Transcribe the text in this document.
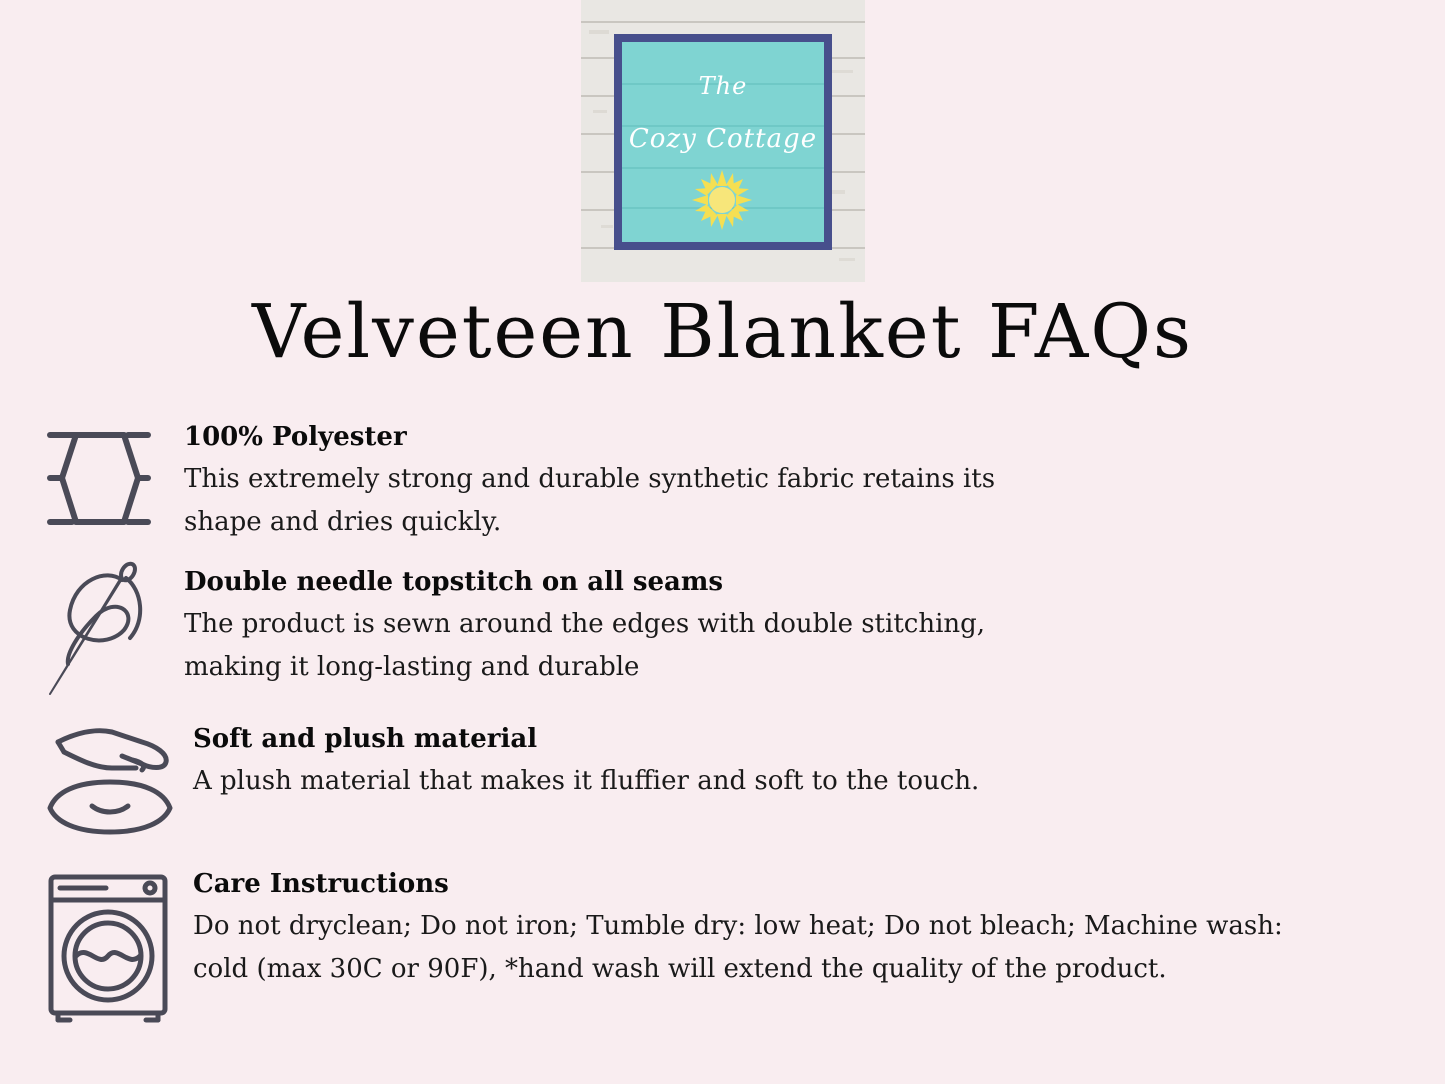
The
Cozy Cottage
Velveteen Blanket FAQs

100% Polyester

This extremely strong and durable synthetic fabric retains its
shape and dries quickly.

Double needle topstitch on all seams

The product is sewn around the edges with double stitching,
making it long-lasting and durable

Soft and plush material

A plush material that makes it fluffier and soft to the touch.

Care Instructions

Do not dryclean; Do not iron; Tumble dry: low heat; Do not bleach; Machine wash:
cold (max 30C or 90F), *hand wash will extend the quality of the product.
